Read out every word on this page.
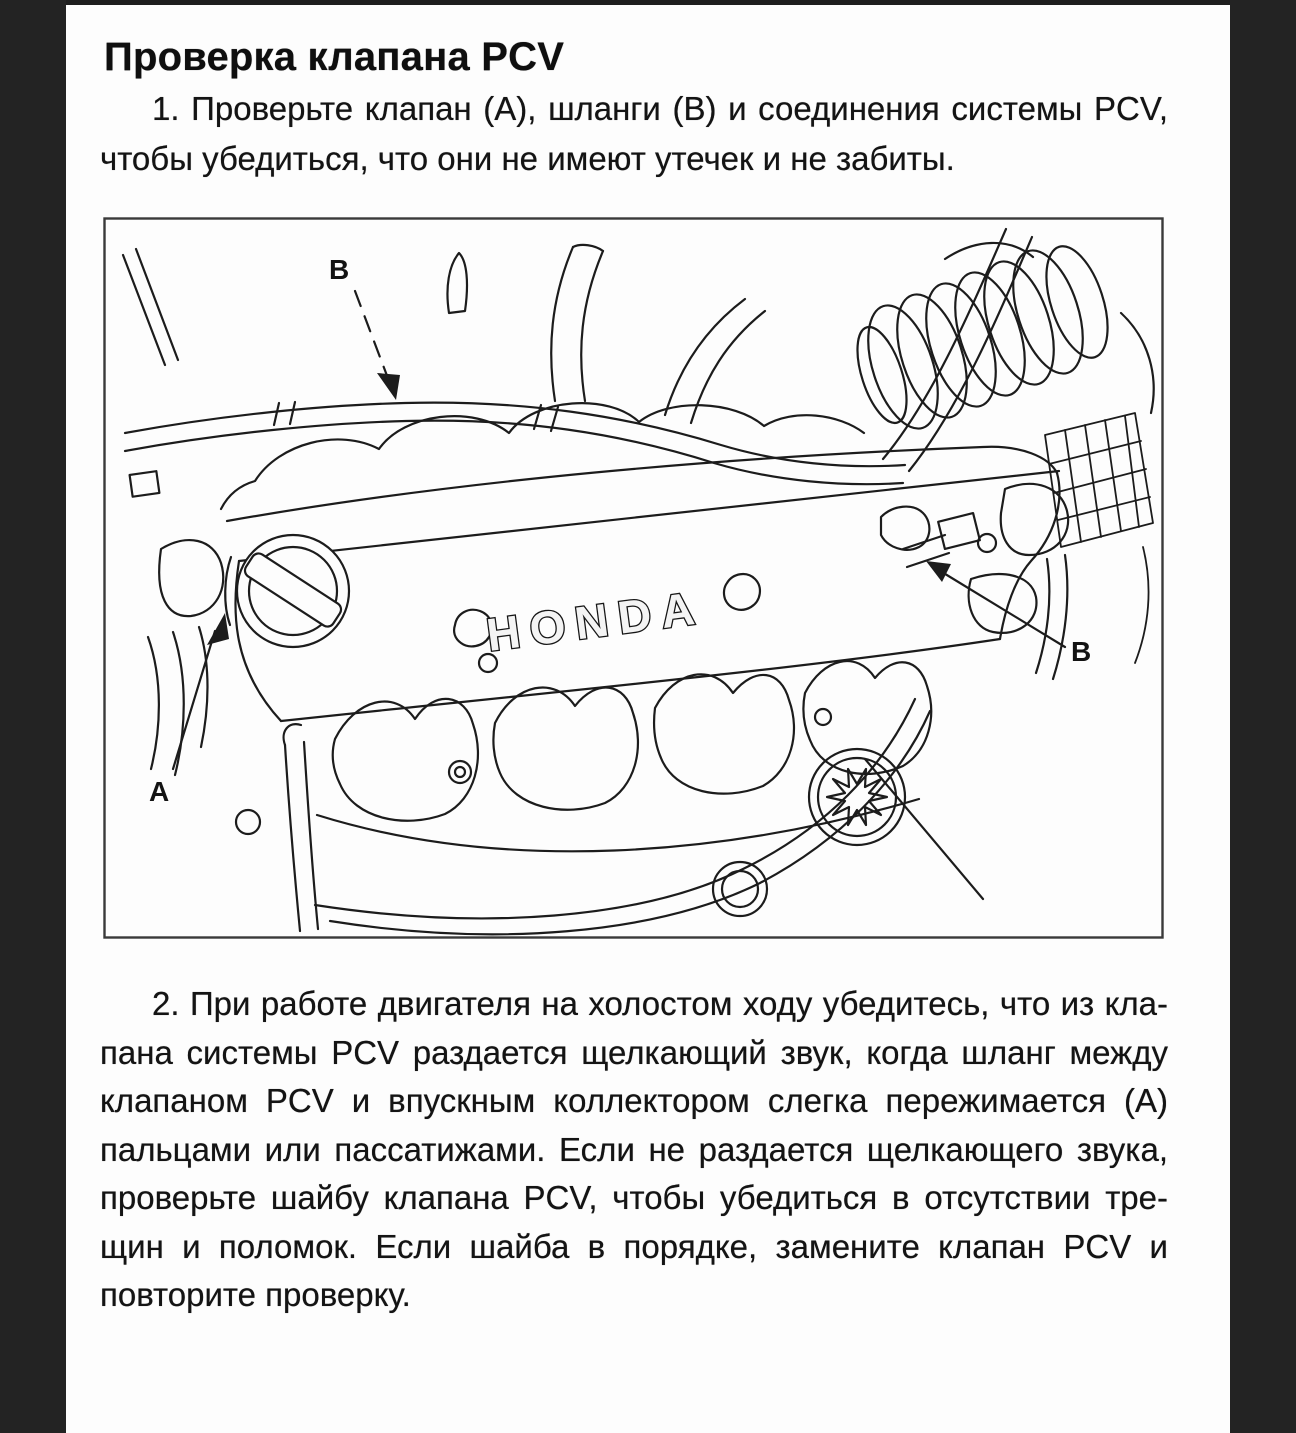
Проверка клапана PCV
1. Проверьте клапан (А), шланги (В) и соединения системы PCV,
чтобы убедиться, что они не имеют утечек и не забиты.
HONDA
B
B
A
2. При работе двигателя на холостом ходу убедитесь, что из кла-
пана системы PCV раздается щелкающий звук, когда шланг между
клапаном PCV и впускным коллектором слегка пережимается (А)
пальцами или пассатижами. Если не раздается щелкающего звука,
проверьте шайбу клапана PCV, чтобы убедиться в отсутствии тре-
щин и поломок. Если шайба в порядке, замените клапан PCV и
повторите проверку.
